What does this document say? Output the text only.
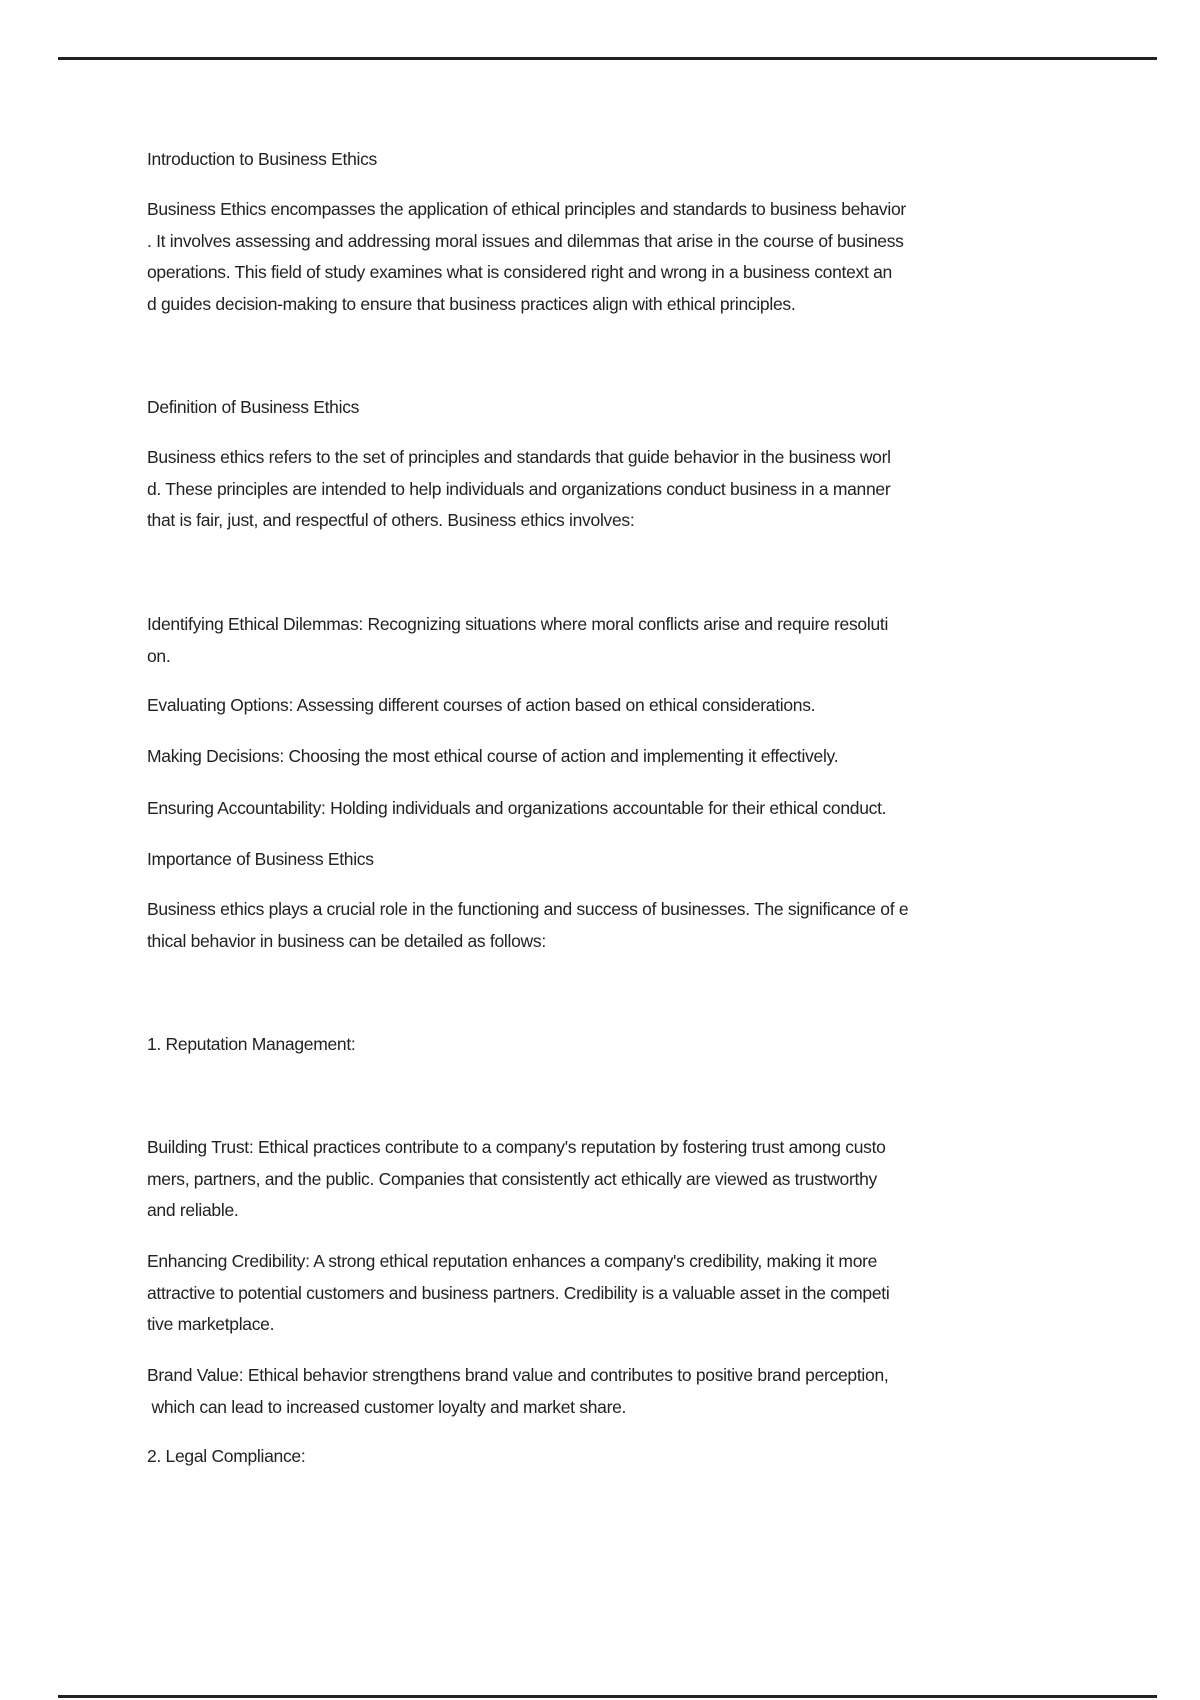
Introduction to Business Ethics
Business Ethics encompasses the application of ethical principles and standards to business behavior
. It involves assessing and addressing moral issues and dilemmas that arise in the course of business
operations. This field of study examines what is considered right and wrong in a business context an
d guides decision-making to ensure that business practices align with ethical principles.
Definition of Business Ethics
Business ethics refers to the set of principles and standards that guide behavior in the business worl
d. These principles are intended to help individuals and organizations conduct business in a manner
that is fair, just, and respectful of others. Business ethics involves:
Identifying Ethical Dilemmas: Recognizing situations where moral conflicts arise and require resoluti
on.
Evaluating Options: Assessing different courses of action based on ethical considerations.
Making Decisions: Choosing the most ethical course of action and implementing it effectively.
Ensuring Accountability: Holding individuals and organizations accountable for their ethical conduct.
Importance of Business Ethics
Business ethics plays a crucial role in the functioning and success of businesses. The significance of e
thical behavior in business can be detailed as follows:
1. Reputation Management:
Building Trust: Ethical practices contribute to a company's reputation by fostering trust among custo
mers, partners, and the public. Companies that consistently act ethically are viewed as trustworthy
and reliable.
Enhancing Credibility: A strong ethical reputation enhances a company's credibility, making it more
attractive to potential customers and business partners. Credibility is a valuable asset in the competi
tive marketplace.
Brand Value: Ethical behavior strengthens brand value and contributes to positive brand perception,
which can lead to increased customer loyalty and market share.
2. Legal Compliance:
